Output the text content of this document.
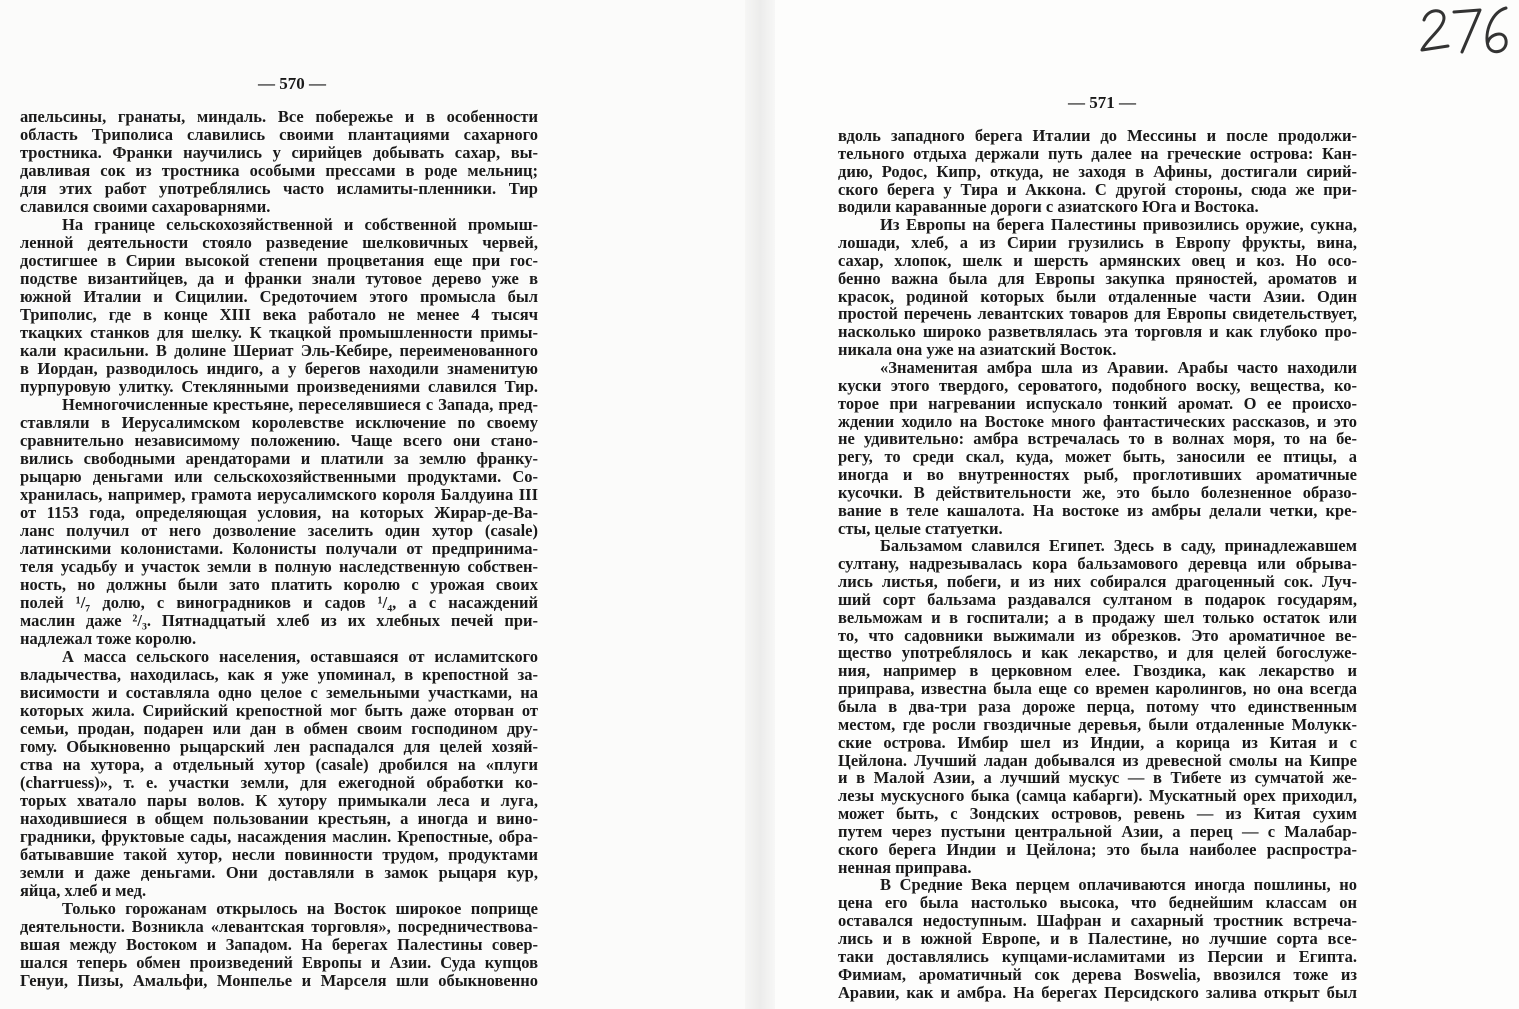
— 570 —
— 571 —
апельсины, гранаты, миндаль. Все побережье и в особенности
область Триполиса славились своими плантациями сахарного
тростника. Франки научились у сирийцев добывать сахар, вы-
давливая сок из тростника особыми прессами в роде мельниц;
для этих работ употреблялись часто исламиты-пленники. Тир
славился своими сахароварнями.
На границе сельскохозяйственной и собственной промыш-
ленной деятельности стояло разведение шелковичных червей,
достигшее в Сирии высокой степени процветания еще при гос-
подстве византийцев, да и франки знали тутовое дерево уже в
южной Италии и Сицилии. Средоточием этого промысла был
Триполис, где в конце XIII века работало не менее 4 тысяч
ткацких станков для шелку. К ткацкой промышленности примы-
кали красильни. В долине Шериат Эль-Кебире, переименованного
в Иордан, разводилось индиго, а у берегов находили знаменитую
пурпуровую улитку. Стеклянными произведениями славился Тир.
Немногочисленные крестьяне, переселявшиеся с Запада, пред-
ставляли в Иерусалимском королевстве исключение по своему
сравнительно независимому положению. Чаще всего они стано-
вились свободными арендаторами и платили за землю франку-
рыцарю деньгами или сельскохозяйственными продуктами. Со-
хранилась, например, грамота иерусалимского короля Балдуина III
от 1153 года, определяющая условия, на которых Жирар-де-Ва-
ланс получил от него дозволение заселить один хутор (casale)
латинскими колонистами. Колонисты получали от предпринима-
теля усадьбу и участок земли в полную наследственную собствен-
ность, но должны были зато платить королю с урожая своих
полей ¹/₇ долю, с виноградников и садов ¹/₄, а с насаждений
маслин даже ²/₃. Пятнадцатый хлеб из их хлебных печей при-
надлежал тоже королю.
А масса сельского населения, оставшаяся от исламитского
владычества, находилась, как я уже упоминал, в крепостной за-
висимости и составляла одно целое с земельными участками, на
которых жила. Сирийский крепостной мог быть даже оторван от
семьи, продан, подарен или дан в обмен своим господином дру-
гому. Обыкновенно рыцарский лен распадался для целей хозяй-
ства на хутора, а отдельный хутор (casale) дробился на «плуги
(charruess)», т. е. участки земли, для ежегодной обработки ко-
торых хватало пары волов. К хутору примыкали леса и луга,
находившиеся в общем пользовании крестьян, а иногда и вино-
градники, фруктовые сады, насаждения маслин. Крепостные, обра-
батывавшие такой хутор, несли повинности трудом, продуктами
земли и даже деньгами. Они доставляли в замок рыцаря кур,
яйца, хлеб и мед.
Только горожанам открылось на Восток широкое поприще
деятельности. Возникла «левантская торговля», посредничествова-
вшая между Востоком и Западом. На берегах Палестины совер-
шался теперь обмен произведений Европы и Азии. Суда купцов
Генуи, Пизы, Амальфи, Монпелье и Марселя шли обыкновенно
вдоль западного берега Италии до Мессины и после продолжи-
тельного отдыха держали путь далее на греческие острова: Кан-
дию, Родос, Кипр, откуда, не заходя в Афины, достигали сирий-
ского берега у Тира и Аккона. С другой стороны, сюда же при-
водили караванные дороги с азиатского Юга и Востока.
Из Европы на берега Палестины привозились оружие, сукна,
лошади, хлеб, а из Сирии грузились в Европу фрукты, вина,
сахар, хлопок, шелк и шерсть армянских овец и коз. Но осо-
бенно важна была для Европы закупка пряностей, ароматов и
красок, родиной которых были отдаленные части Азии. Один
простой перечень левантских товаров для Европы свидетельствует,
насколько широко разветвлялась эта торговля и как глубоко про-
никала она уже на азиатский Восток.
«Знаменитая амбра шла из Аравии. Арабы часто находили
куски этого твердого, сероватого, подобного воску, вещества, ко-
торое при нагревании испускало тонкий аромат. О ее происхо-
ждении ходило на Востоке много фантастических рассказов, и это
не удивительно: амбра встречалась то в волнах моря, то на бе-
регу, то среди скал, куда, может быть, заносили ее птицы, а
иногда и во внутренностях рыб, проглотивших ароматичные
кусочки. В действительности же, это было болезненное образо-
вание в теле кашалота. На востоке из амбры делали четки, кре-
сты, целые статуетки.
Бальзамом славился Египет. Здесь в саду, принадлежавшем
султану, надрезывалась кора бальзамового деревца или обрыва-
лись листья, побеги, и из них собирался драгоценный сок. Луч-
ший сорт бальзама раздавался султаном в подарок государям,
вельможам и в госпитали; а в продажу шел только остаток или
то, что садовники выжимали из обрезков. Это ароматичное ве-
щество употреблялось и как лекарство, и для целей богослуже-
ния, например в церковном елее. Гвоздика, как лекарство и
приправа, известна была еще со времен каролингов, но она всегда
была в два-три раза дороже перца, потому что единственным
местом, где росли гвоздичные деревья, были отдаленные Молукк-
ские острова. Имбир шел из Индии, а корица из Китая и с
Цейлона. Лучший ладан добывался из древесной смолы на Кипре
и в Малой Азии, а лучший мускус — в Тибете из сумчатой же-
лезы мускусного быка (самца кабарги). Мускатный орех приходил,
может быть, с Зондских островов, ревень — из Китая сухим
путем через пустыни центральной Азии, а перец — с Малабар-
ского берега Индии и Цейлона; это была наиболее распростра-
ненная приправа.
В Средние Века перцем оплачиваются иногда пошлины, но
цена его была настолько высока, что беднейшим классам он
оставался недоступным. Шафран и сахарный тростник встреча-
лись и в южной Европе, и в Палестине, но лучшие сорта все-
таки доставлялись купцами-исламитами из Персии и Египта.
Фимиам, ароматичный сок дерева Boswelia, ввозился тоже из
Аравии, как и амбра. На берегах Персидского залива открыт был
